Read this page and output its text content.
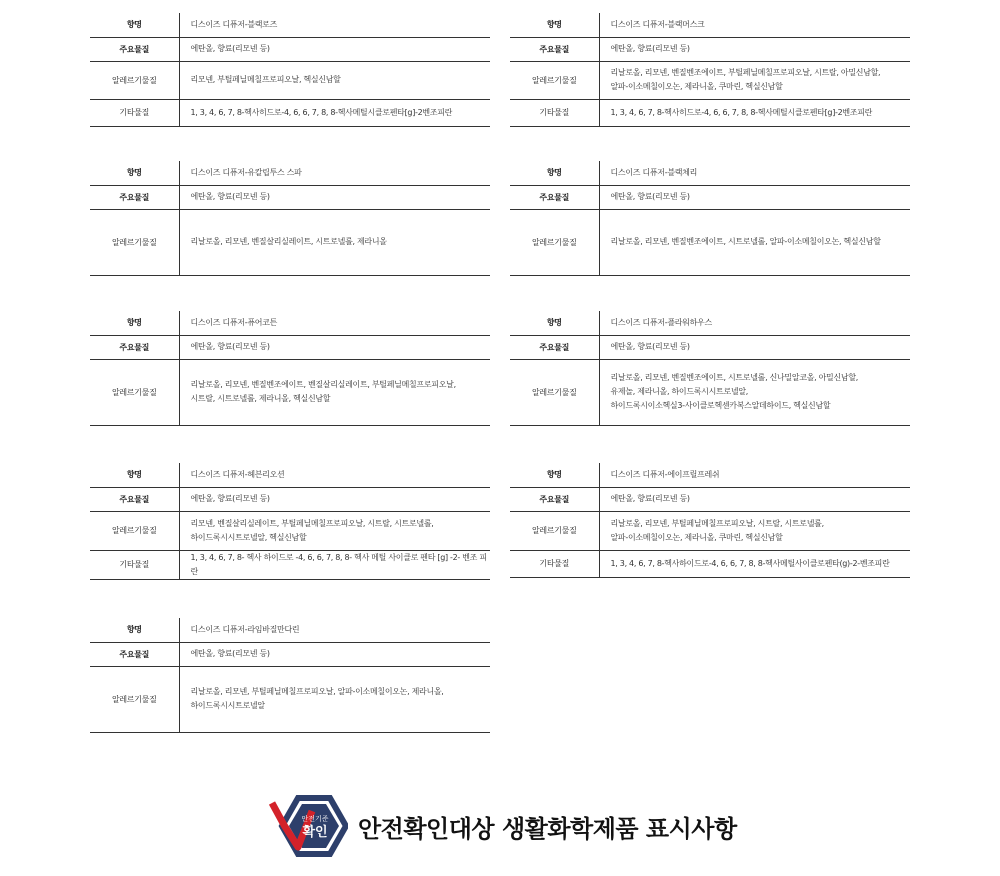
향명	디스이즈 디퓨저-블랙로즈
주요물질	에탄올, 향료(리모넨 등)
알레르기물질	리모넨, 부틸페닐메칠프로피오날, 헥실신남할

기타물질	1, 3, 4, 6, 7, 8-헥사히드로-4, 6, 6, 7, 8, 8-헥사메틸시클로펜타[g]-2벤조피란
향명	디스이즈 디퓨저-블랙머스크
주요물질	에탄올, 향료(리모넨 등)
알레르기물질	리날로올, 리모넨, 벤질벤조에이트, 부틸페닐메칠프로피오날, 시트랄, 아밀신남할,
알파-이소메칠이오논, 제라니올, 쿠마린, 헥실신남할

기타물질	1, 3, 4, 6, 7, 8-헥사히드로-4, 6, 6, 7, 8, 8-헥사메틸시클로펜타[g]-2벤조피란
향명	디스이즈 디퓨저-유칼립투스 스파
주요물질	에탄올, 향료(리모넨 등)
알레르기물질	리날로올, 리모넨, 벤질살리실레이트, 시트로넬롤, 제라니올
향명	디스이즈 디퓨저-블랙체리
주요물질	에탄올, 향료(리모넨 등)
알레르기물질	리날로올, 리모넨, 벤질벤조에이트, 시트로넬롤, 알파-이소메칠이오논, 헥실신남할
향명	디스이즈 디퓨저-퓨어코튼
주요물질	에탄올, 향료(리모넨 등)
알레르기물질	리날로올, 리모넨, 벤질벤조에이트, 벤질살리실레이트, 부틸페닐메칠프로피오날,
시트랄, 시트로넬롤, 제라니올, 헥실신남할
향명	디스이즈 디퓨저-플라워하우스
주요물질	에탄올, 향료(리모넨 등)
알레르기물질	리날로올, 리모넨, 벤질벤조에이트, 시트로넬롤, 신나밀알코올, 아밀신남할,
유제놀, 제라니올, 하이드록시시트로넬알,
하이드록시이소헥실3-사이클로헥센카복스알데하이드, 헥실신남할
향명	디스이즈 디퓨저-헤븐리오션
주요물질	에탄올, 향료(리모넨 등)
알레르기물질	리모넨, 벤질살리실레이트, 부틸페닐메칠프로피오날, 시트랄, 시트로넬롤,
하이드록시시트로넬알, 헥실신남할

기타물질	1, 3, 4, 6, 7, 8- 헥사 하이드로 -4, 6, 6, 7, 8, 8- 헥사 메틸 사이클로 펜타 [g] -2- 벤조 피란
향명	디스이즈 디퓨저-에이프릴프레쉬
주요물질	에탄올, 향료(리모넨 등)
알레르기물질	리날로올, 리모넨, 부틸페닐메칠프로피오날, 시트랄, 시트로넬롤,
알파-이소메칠이오논, 제라니올, 쿠마린, 헥실신남할

기타물질	1, 3, 4, 6, 7, 8-헥사하이드로-4, 6, 6, 7, 8, 8-헥사메틸사이클로펜타(g)-2-벤조피란
향명	디스이즈 디퓨저-라임바질만다린
주요물질	에탄올, 향료(리모넨 등)
알레르기물질	리날로올, 리모넨, 부틸페닐메칠프로피오날, 알파-이소메칠이오논, 제라니올,
하이드록시시트로넬알
안전기준
확인 안전확인대상 생활화학제품 표시사항
